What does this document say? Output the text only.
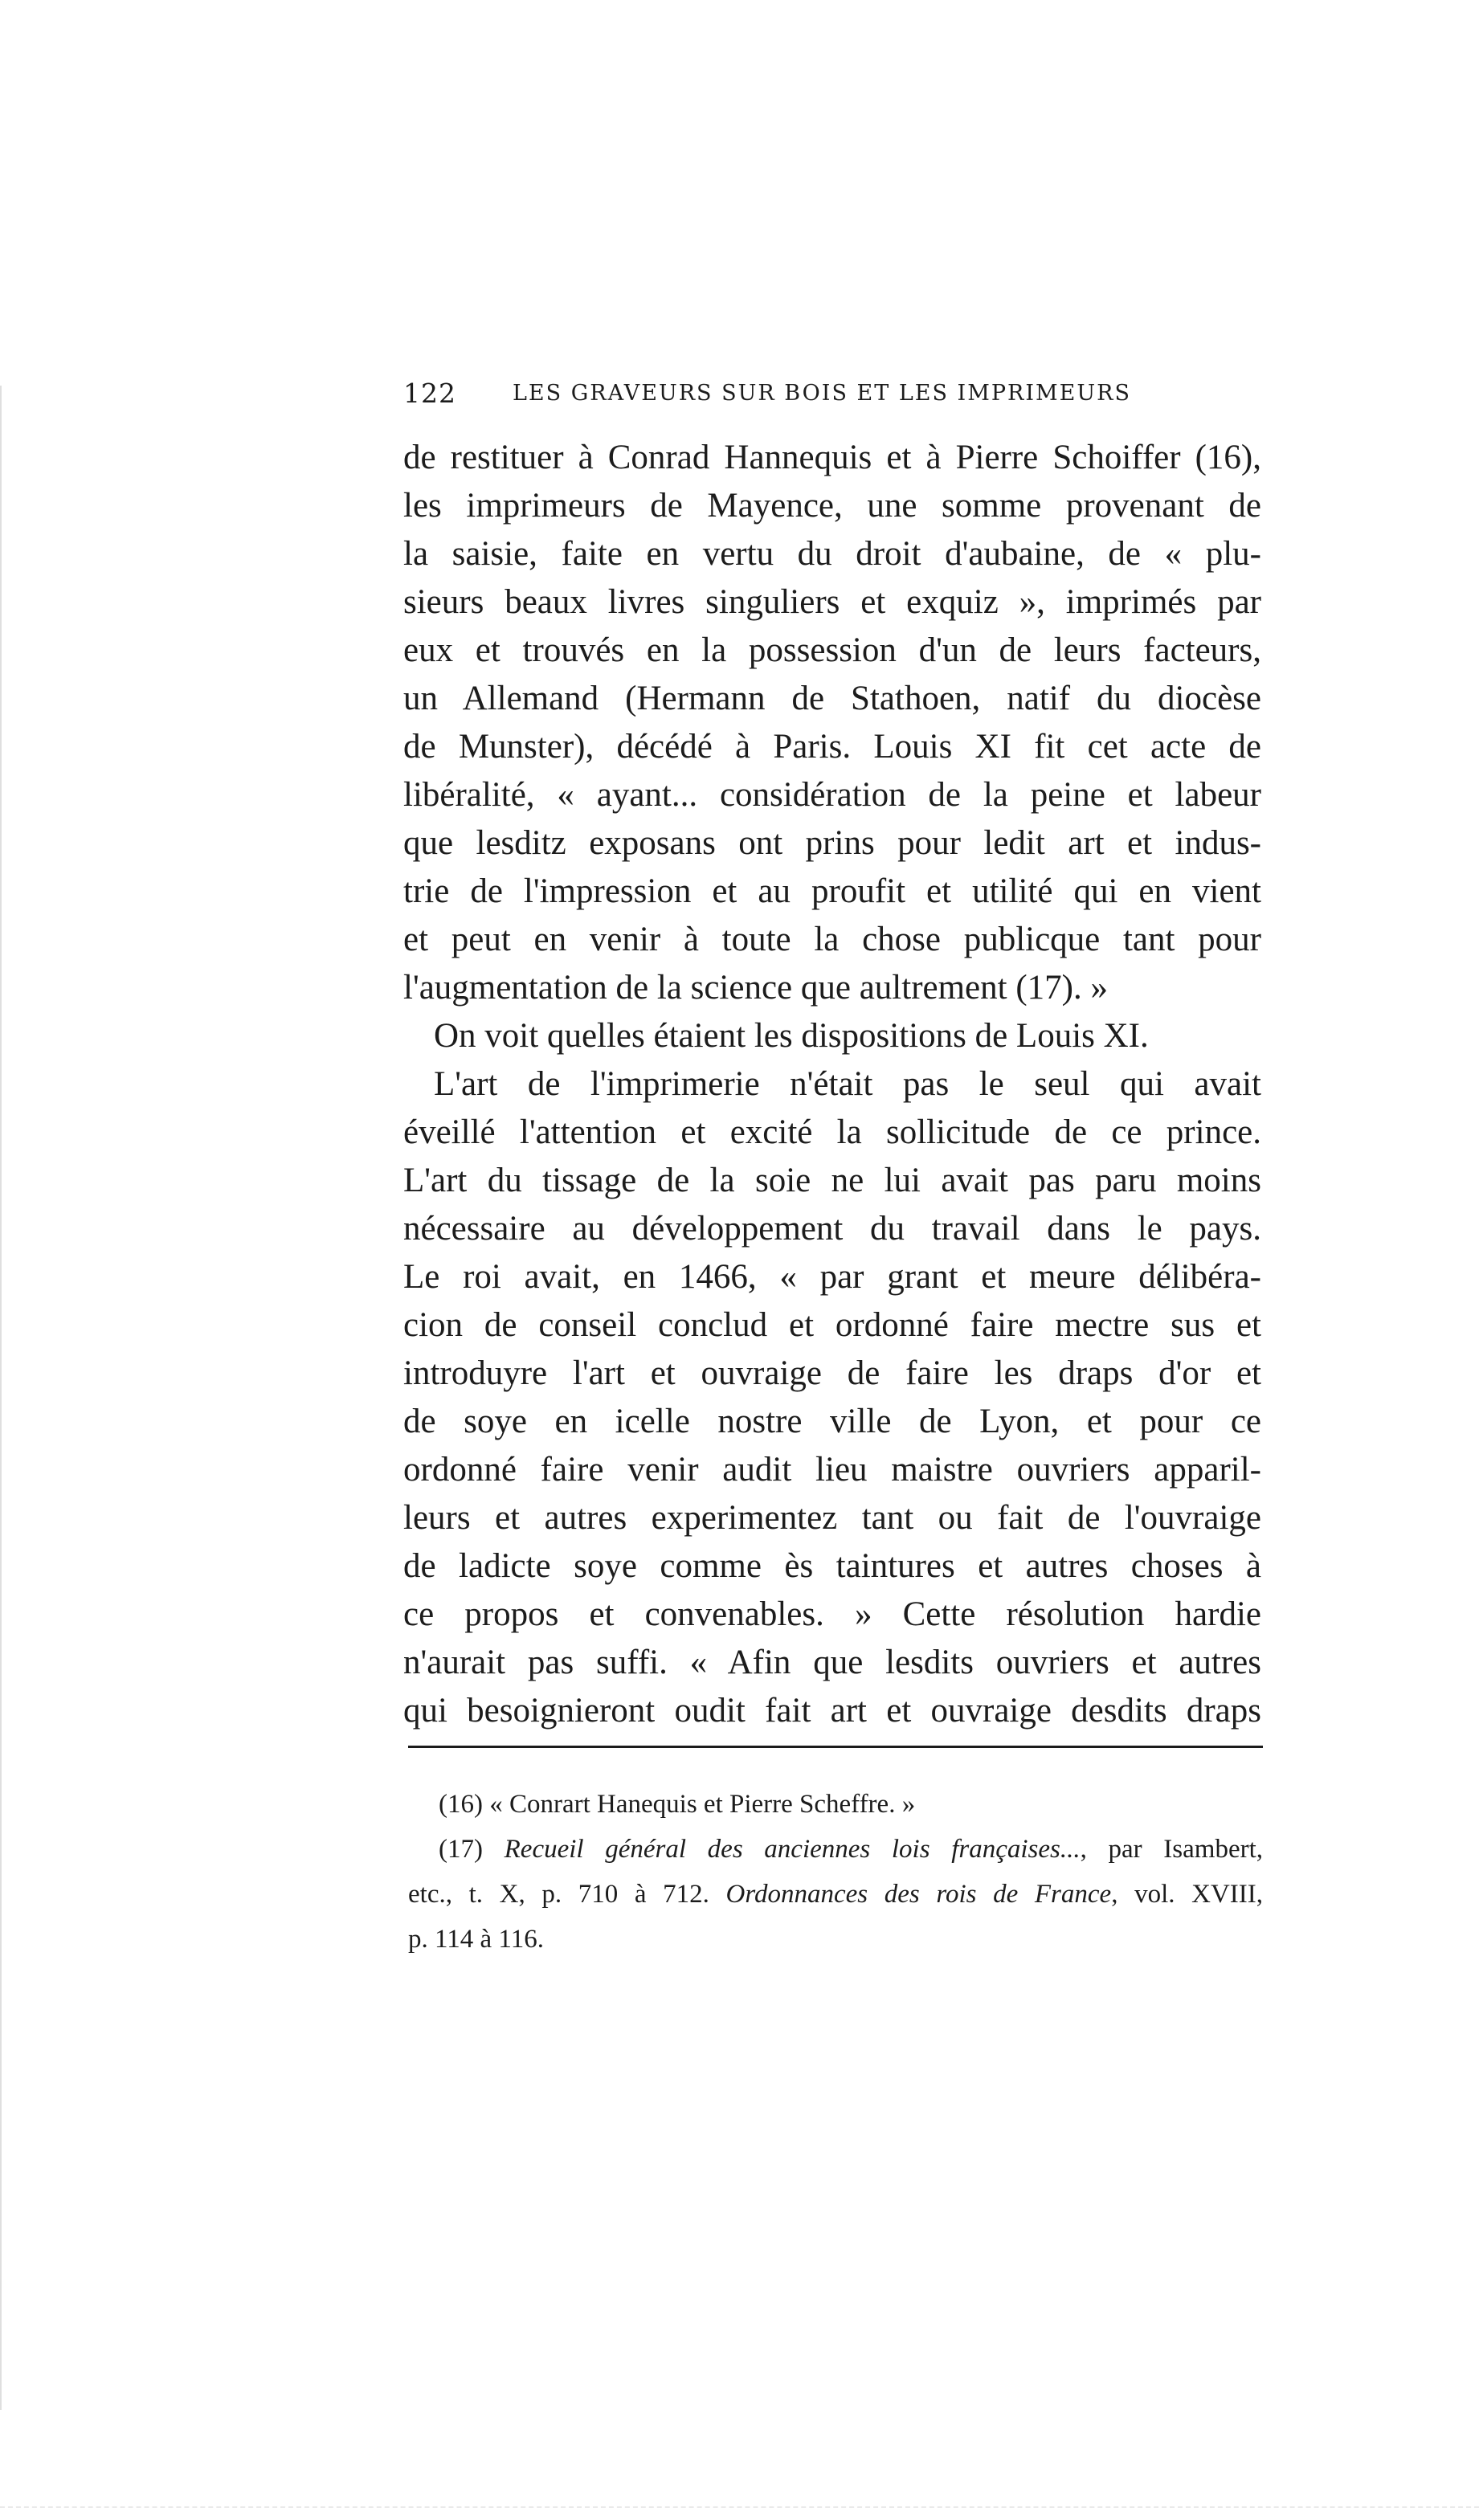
122	LES GRAVEURS SUR BOIS ET LES IMPRIMEURS
de restituer à Conrad Hannequis et à Pierre Schoiffer (16),
les imprimeurs de Mayence, une somme provenant de
la saisie, faite en vertu du droit d'aubaine, de « plu-
sieurs beaux livres singuliers et exquiz », imprimés par
eux et trouvés en la possession d'un de leurs facteurs,
un Allemand (Hermann de Stathoen, natif du diocèse
de Munster), décédé à Paris. Louis XI fit cet acte de
libéralité, « ayant... considération de la peine et labeur
que lesditz exposans ont prins pour ledit art et indus-
trie de l'impression et au proufit et utilité qui en vient
et peut en venir à toute la chose publicque tant pour
l'augmentation de la science que aultrement (17). »
On voit quelles étaient les dispositions de Louis XI.
L'art de l'imprimerie n'était pas le seul qui avait
éveillé l'attention et excité la sollicitude de ce prince.
L'art du tissage de la soie ne lui avait pas paru moins
nécessaire au développement du travail dans le pays.
Le roi avait, en 1466, « par grant et meure délibéra-
cion de conseil conclud et ordonné faire mectre sus et
introduyre l'art et ouvraige de faire les draps d'or et
de soye en icelle nostre ville de Lyon, et pour ce
ordonné faire venir audit lieu maistre ouvriers apparil-
leurs et autres experimentez tant ou fait de l'ouvraige
de ladicte soye comme ès taintures et autres choses à
ce propos et convenables. » Cette résolution hardie
n'aurait pas suffi. « Afin que lesdits ouvriers et autres
qui besoignieront oudit fait art et ouvraige desdits draps
(16) « Conrart Hanequis et Pierre Scheffre. »
(17) Recueil général des anciennes lois françaises..., par Isambert,
etc., t. X, p. 710 à 712. Ordonnances des rois de France, vol. XVIII,
p. 114 à 116.
